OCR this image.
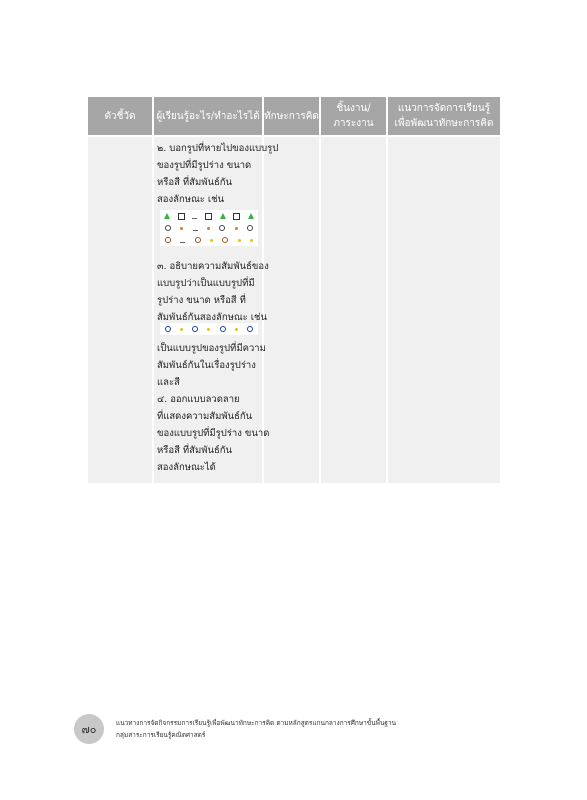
ตัวชี้วัด ผู้เรียนรู้อะไร/ทำอะไรได้ ทักษะการคิด
ชิ้นงาน/
ภาระงาน
แนวการจัดการเรียนรู้
เพื่อพัฒนาทักษะการคิด
๒. บอกรูปที่หายไปของแบบรูป
ของรูปที่มีรูปร่าง ขนาด
หรือสี ที่สัมพันธ์กัน
สองลักษณะ เช่น
๓. อธิบายความสัมพันธ์ของ
แบบรูปว่าเป็นแบบรูปที่มี
รูปร่าง ขนาด หรือสี ที่
สัมพันธ์กันสองลักษณะ เช่น
เป็นแบบรูปของรูปที่มีความ
สัมพันธ์กันในเรื่องรูปร่าง
และสี
๔. ออกแบบลวดลาย
ที่แสดงความสัมพันธ์กัน
ของแบบรูปที่มีรูปร่าง ขนาด
หรือสี ที่สัมพันธ์กัน
สองลักษณะได้
๗๐	แนวทางการจัดกิจกรรมการเรียนรู้เพื่อพัฒนาทักษะการคิด ตามหลักสูตรแกนกลางการศึกษาขั้นพื้นฐาน
กลุ่มสาระการเรียนรู้คณิตศาสตร์
